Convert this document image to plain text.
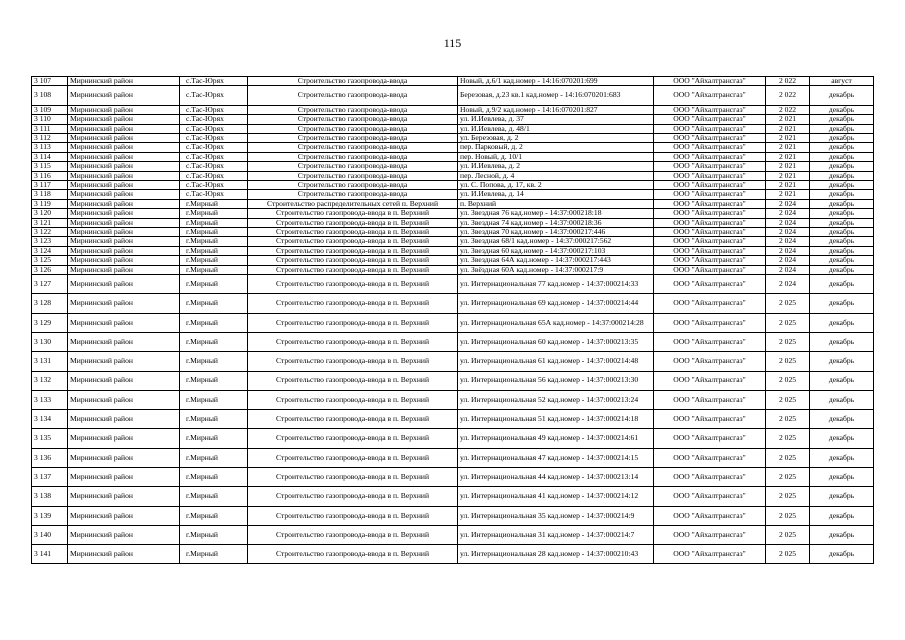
115
3 107	Мирнинский район	с.Тас-Юрях	Строительство газопровода-ввода	Новый, д.6/1 кад.номер - 14:16:070201:699	ООО "Айхалтрансгаз"	2 022	август
3 108	Мирнинский район	с.Тас-Юрях	Строительство газопровода-ввода	Березовая, д.23 кв.1 кад.номер - 14:16:070201:683	ООО "Айхалтрансгаз"	2 022	декабрь
3 109	Мирнинский район	с.Тас-Юрях	Строительство газопровода-ввода	Новый, д.9/2 кад.номер - 14:16:070201:827	ООО "Айхалтрансгаз"	2 022	декабрь
3 110	Мирнинский район	с.Тас-Юрях	Строительство газопровода-ввода	ул. И.Иевлева, д. 37	ООО "Айхалтрансгаз"	2 021	декабрь
3 111	Мирнинский район	с.Тас-Юрях	Строительство газопровода-ввода	ул. И.Иевлева, д. 48/1	ООО "Айхалтрансгаз"	2 021	декабрь
3 112	Мирнинский район	с.Тас-Юрях	Строительство газопровода-ввода	ул. Березовая, д. 2	ООО "Айхалтрансгаз"	2 021	декабрь
3 113	Мирнинский район	с.Тас-Юрях	Строительство газопровода-ввода	пер. Парковый, д. 2	ООО "Айхалтрансгаз"	2 021	декабрь
3 114	Мирнинский район	с.Тас-Юрях	Строительство газопровода-ввода	пер. Новый, д. 10/1	ООО "Айхалтрансгаз"	2 021	декабрь
3 115	Мирнинский район	с.Тас-Юрях	Строительство газопровода-ввода	ул. И.Иевлева, д. 2	ООО "Айхалтрансгаз"	2 021	декабрь
3 116	Мирнинский район	с.Тас-Юрях	Строительство газопровода-ввода	пер. Лесной, д. 4	ООО "Айхалтрансгаз"	2 021	декабрь
3 117	Мирнинский район	с.Тас-Юрях	Строительство газопровода-ввода	ул. С. Попова, д. 17, кв. 2	ООО "Айхалтрансгаз"	2 021	декабрь
3 118	Мирнинский район	с.Тас-Юрях	Строительство газопровода-ввода	ул. И.Иевлева, д. 14	ООО "Айхалтрансгаз"	2 021	декабрь
3 119	Мирнинский район	г.Мирный	Строительство распределительных сетей п. Верхний	п. Верхний	ООО "Айхалтрансгаз"	2 024	декабрь
3 120	Мирнинский район	г.Мирный	Строительство газопровода-ввода в п. Верхний	ул. Звездная 76 кад.номер - 14:37:000218:18	ООО "Айхалтрансгаз"	2 024	декабрь
3 121	Мирнинский район	г.Мирный	Строительство газопровода-ввода в п. Верхний	ул. Звездная 74 кад.номер - 14:37:000218:36	ООО "Айхалтрансгаз"	2 024	декабрь
3 122	Мирнинский район	г.Мирный	Строительство газопровода-ввода в п. Верхний	ул. Звездная 70 кад.номер - 14:37:000217:446	ООО "Айхалтрансгаз"	2 024	декабрь
3 123	Мирнинский район	г.Мирный	Строительство газопровода-ввода в п. Верхний	ул. Звездная 68/1 кад.номер - 14:37:000217:562	ООО "Айхалтрансгаз"	2 024	декабрь
3 124	Мирнинский район	г.Мирный	Строительство газопровода-ввода в п. Верхний	ул. Звездная 60 кад.номер - 14:37:000217:103	ООО "Айхалтрансгаз"	2 024	декабрь
3 125	Мирнинский район	г.Мирный	Строительство газопровода-ввода в п. Верхний	ул. Звездная 64А кад.номер - 14:37:000217:443	ООО "Айхалтрансгаз"	2 024	декабрь
3 126	Мирнинский район	г.Мирный	Строительство газопровода-ввода в п. Верхний	ул. Звёздная 60А кад.номер - 14:37:000217:9	ООО "Айхалтрансгаз"	2 024	декабрь
3 127	Мирнинский район	г.Мирный	Строительство газопровода-ввода в п. Верхний	ул. Интернациональная 77 кад.номер - 14:37:000214:33	ООО "Айхалтрансгаз"	2 024	декабрь
3 128	Мирнинский район	г.Мирный	Строительство газопровода-ввода в п. Верхний	ул. Интернациональная 69 кад.номер - 14:37:000214:44	ООО "Айхалтрансгаз"	2 025	декабрь
3 129	Мирнинский район	г.Мирный	Строительство газопровода-ввода в п. Верхний	ул. Интернациональная 65А кад.номер - 14:37:000214:28	ООО "Айхалтрансгаз"	2 025	декабрь
3 130	Мирнинский район	г.Мирный	Строительство газопровода-ввода в п. Верхний	ул. Интернациональная 60 кад.номер - 14:37:000213:35	ООО "Айхалтрансгаз"	2 025	декабрь
3 131	Мирнинский район	г.Мирный	Строительство газопровода-ввода в п. Верхний	ул. Интернациональная 61 кад.номер - 14:37:000214:48	ООО "Айхалтрансгаз"	2 025	декабрь
3 132	Мирнинский район	г.Мирный	Строительство газопровода-ввода в п. Верхний	ул. Интернациональная 56 кад.номер - 14:37:000213:30	ООО "Айхалтрансгаз"	2 025	декабрь
3 133	Мирнинский район	г.Мирный	Строительство газопровода-ввода в п. Верхний	ул. Интернациональная 52 кад.номер - 14:37:000213:24	ООО "Айхалтрансгаз"	2 025	декабрь
3 134	Мирнинский район	г.Мирный	Строительство газопровода-ввода в п. Верхний	ул. Интернациональная 51 кад.номер - 14:37:000214:18	ООО "Айхалтрансгаз"	2 025	декабрь
3 135	Мирнинский район	г.Мирный	Строительство газопровода-ввода в п. Верхний	ул. Интернациональная 49 кад.номер - 14:37:000214:61	ООО "Айхалтрансгаз"	2 025	декабрь
3 136	Мирнинский район	г.Мирный	Строительство газопровода-ввода в п. Верхний	ул. Интернациональная 47 кад.номер - 14:37:000214:15	ООО "Айхалтрансгаз"	2 025	декабрь
3 137	Мирнинский район	г.Мирный	Строительство газопровода-ввода в п. Верхний	ул. Интернациональная 44 кад.номер - 14:37:000213:14	ООО "Айхалтрансгаз"	2 025	декабрь
3 138	Мирнинский район	г.Мирный	Строительство газопровода-ввода в п. Верхний	ул. Интернациональная 41 кад.номер - 14:37:000214:12	ООО "Айхалтрансгаз"	2 025	декабрь
3 139	Мирнинский район	г.Мирный	Строительство газопровода-ввода в п. Верхний	ул. Интернациональная 35 кад.номер - 14:37:000214:9	ООО "Айхалтрансгаз"	2 025	декабрь
3 140	Мирнинский район	г.Мирный	Строительство газопровода-ввода в п. Верхний	ул. Интернациональная 31 кад.номер - 14:37:000214:7	ООО "Айхалтрансгаз"	2 025	декабрь
3 141	Мирнинский район	г.Мирный	Строительство газопровода-ввода в п. Верхний	ул. Интернациональная 28 кад.номер - 14:37:000210:43	ООО "Айхалтрансгаз"	2 025	декабрь
